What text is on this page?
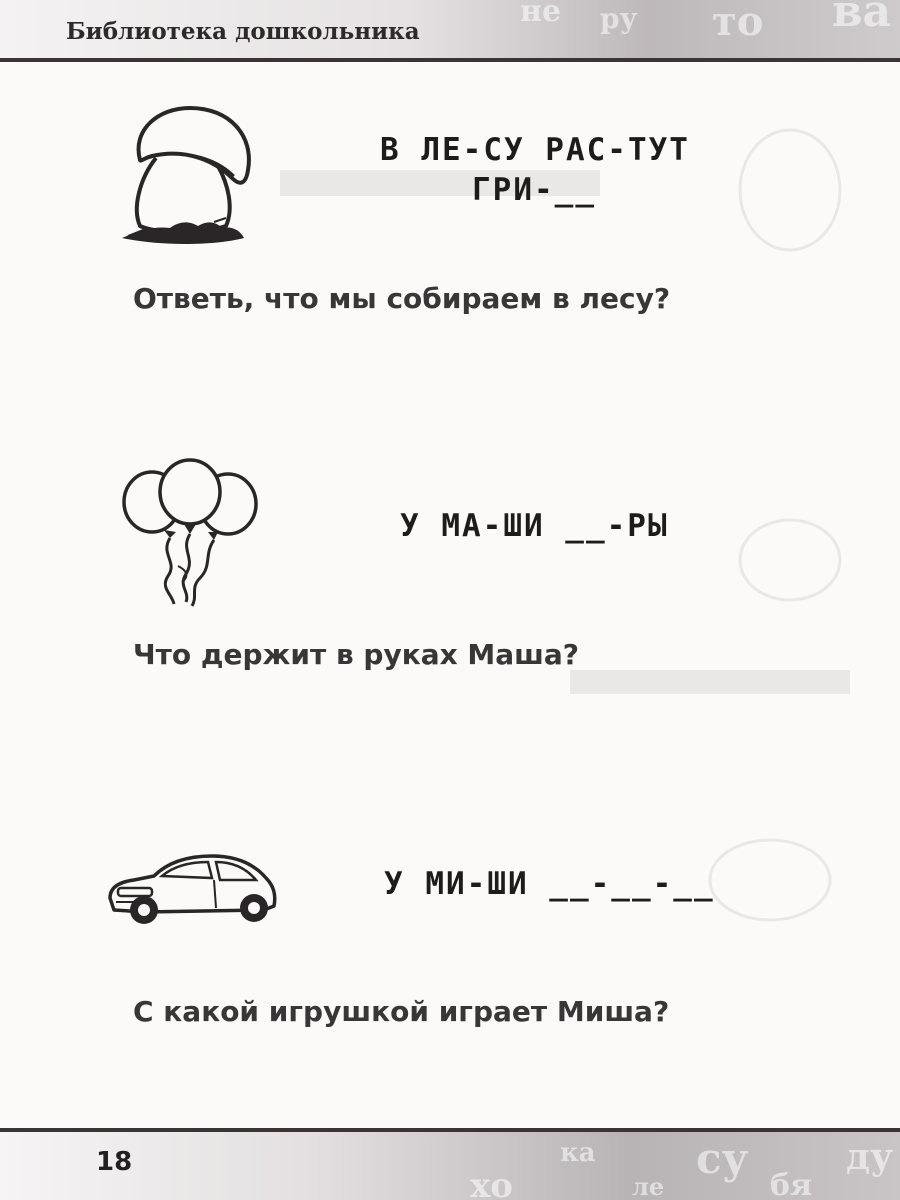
не ру то ва
Библиотека дошкольника
В ЛЕ-СУ РАС-ТУТ
ГРИ-__
Ответь, что мы собираем в лесу?
У МА-ШИ __-РЫ
Что держит в руках Маша?
У МИ-ШИ __-__-__
С какой игрушкой играет Миша?
хо
ка
ле
су
бя
ду
18
